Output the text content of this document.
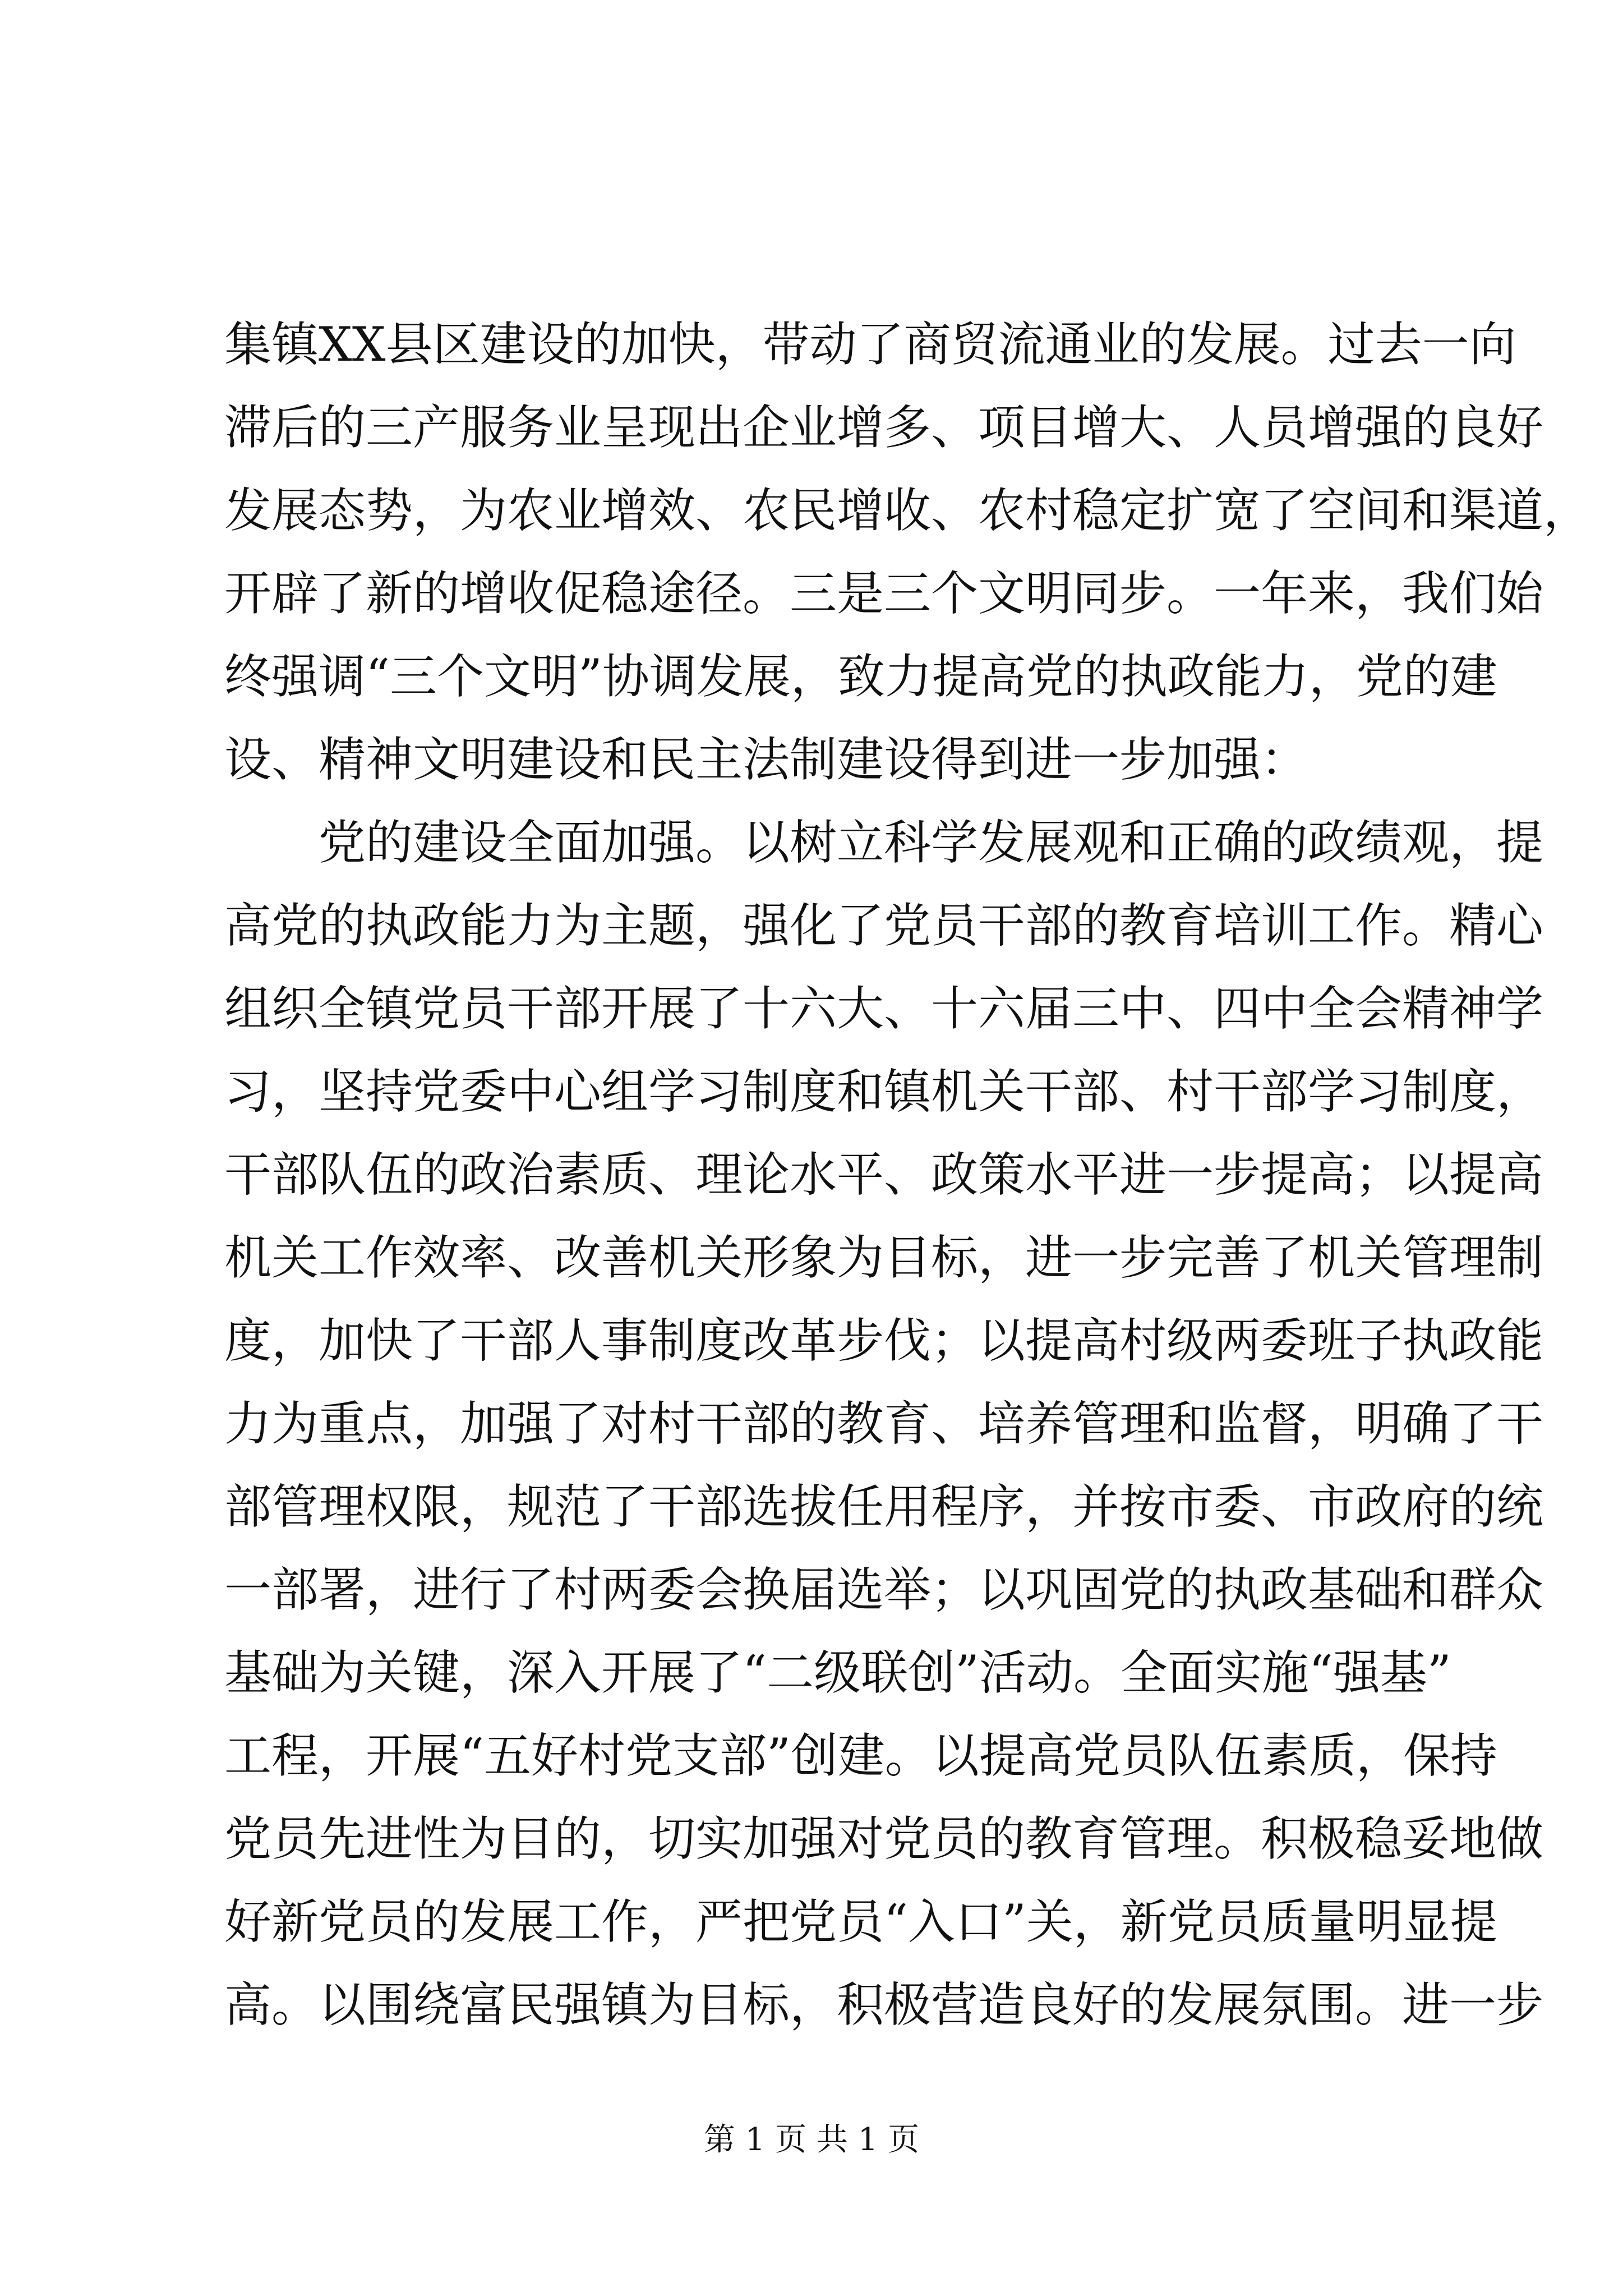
集镇XX县区建设的加快，带动了商贸流通业的发展。过去一向
滞后的三产服务业呈现出企业增多、项目增大、人员增强的良好
发展态势，为农业增效、农民增收、农村稳定扩宽了空间和渠道，
开辟了新的增收促稳途径。三是三个文明同步。一年来，我们始
终强调“三个文明”协调发展，致力提高党的执政能力，党的建
设、精神文明建设和民主法制建设得到进一步加强：
党的建设全面加强。以树立科学发展观和正确的政绩观，提
高党的执政能力为主题，强化了党员干部的教育培训工作。精心
组织全镇党员干部开展了十六大、十六届三中、四中全会精神学
习，坚持党委中心组学习制度和镇机关干部、村干部学习制度，
干部队伍的政治素质、理论水平、政策水平进一步提高；以提高
机关工作效率、改善机关形象为目标，进一步完善了机关管理制
度，加快了干部人事制度改革步伐；以提高村级两委班子执政能
力为重点，加强了对村干部的教育、培养管理和监督，明确了干
部管理权限，规范了干部选拔任用程序，并按市委、市政府的统
一部署，进行了村两委会换届选举；以巩固党的执政基础和群众
基础为关键，深入开展了“二级联创”活动。全面实施“强基”
工程，开展“五好村党支部”创建。以提高党员队伍素质，保持
党员先进性为目的，切实加强对党员的教育管理。积极稳妥地做
好新党员的发展工作，严把党员“入口”关，新党员质量明显提
高。以围绕富民强镇为目标，积极营造良好的发展氛围。进一步
第 1 页 共 1 页
